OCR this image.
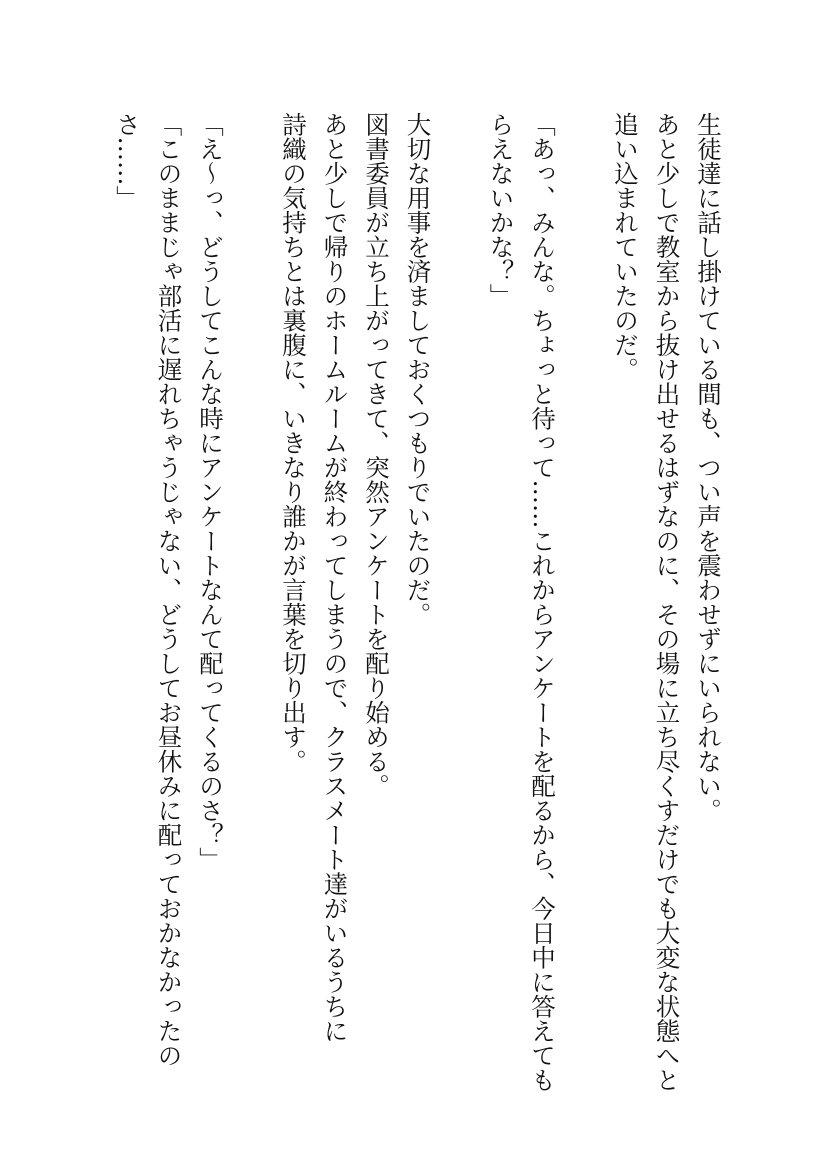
生徒達に話し掛けている間も、つい声を震わせずにいられない。
あと少しで教室から抜け出せるはずなのに、その場に立ち尽くすだけでも大変な状態へと追い込まれていたのだ。

「あっ、みんな。ちょっと待って……これからアンケートを配るから、今日中に答えてもらえないかな？」

大切な用事を済ましておくつもりでいたのだ。
図書委員が立ち上がってきて、突然アンケートを配り始める。
あと少しで帰りのホームルームが終わってしまうので、クラスメート達がいるうちに

詩織の気持ちとは裏腹に、いきなり誰かが言葉を切り出す。

「え～っ、どうしてこんな時にアンケートなんて配ってくるのさ？」
「このままじゃ部活に遅れちゃうじゃない、どうしてお昼休みに配っておかなかったのさ……」
